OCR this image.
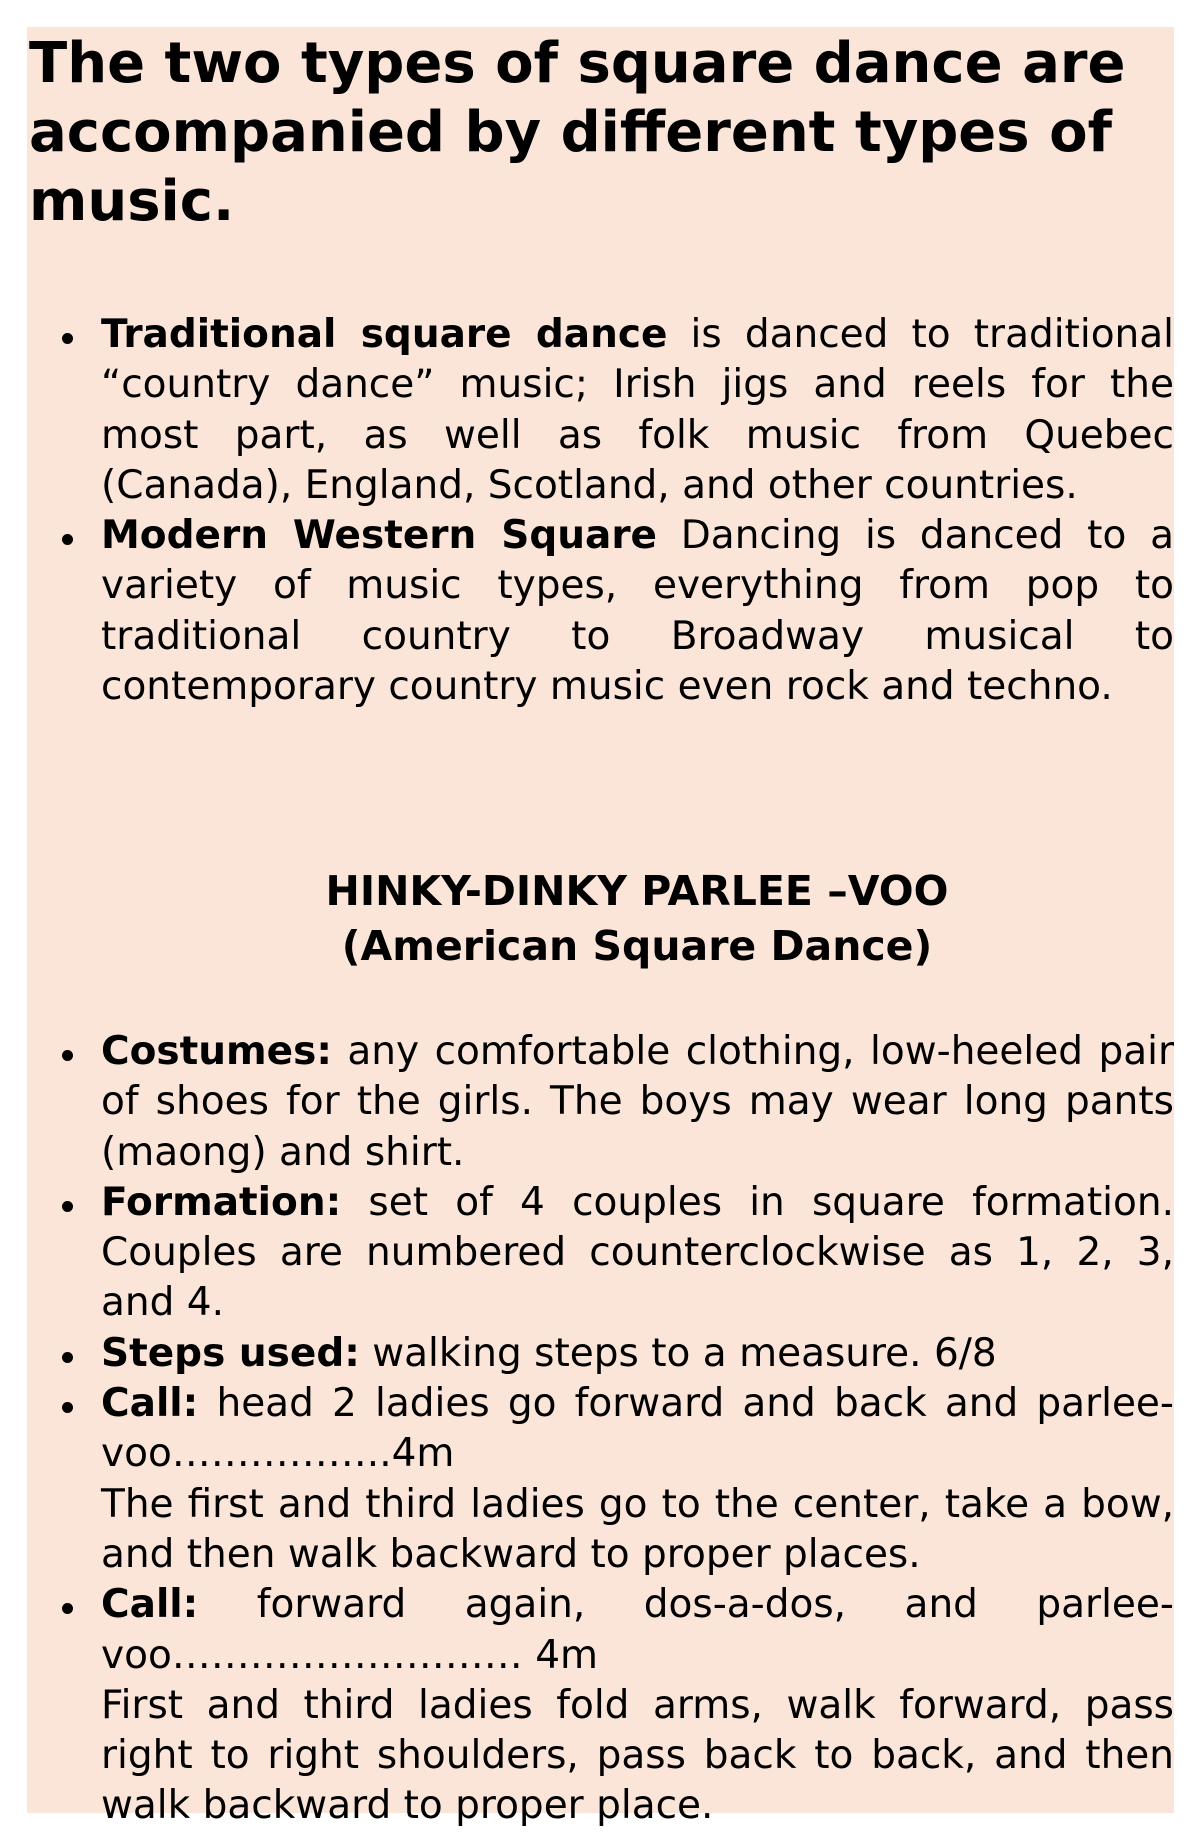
The two types of square dance are accompanied by different types of music.
Traditional square dance is danced to traditional “country dance” music; Irish jigs and reels for the most part, as well as folk music from Quebec (Canada), England, Scotland, and other countries.
Modern Western Square Dancing is danced to a variety of music types, everything from pop to traditional country to Broadway musical to contemporary country music even rock and techno.

HINKY-DINKY PARLEE –VOO

(American Square Dance)

Costumes: any comfortable clothing, low-heeled pair of shoes for the girls. The boys may wear long pants (maong) and shirt.
Formation: set of 4 couples in square formation. Couples are numbered counterclockwise as 1, 2, 3, and 4.
Steps used: walking steps to a measure. 6/8
Call: head 2 ladies go forward and back and parlee-voo……………..4m
The first and third ladies go to the center, take a bow, and then walk backward to proper places.
Call: forward again, dos-a-dos, and parlee-voo……………………… 4m
First and third ladies fold arms, walk forward, pass right to right shoulders, pass back to back, and then walk backward to proper place.
